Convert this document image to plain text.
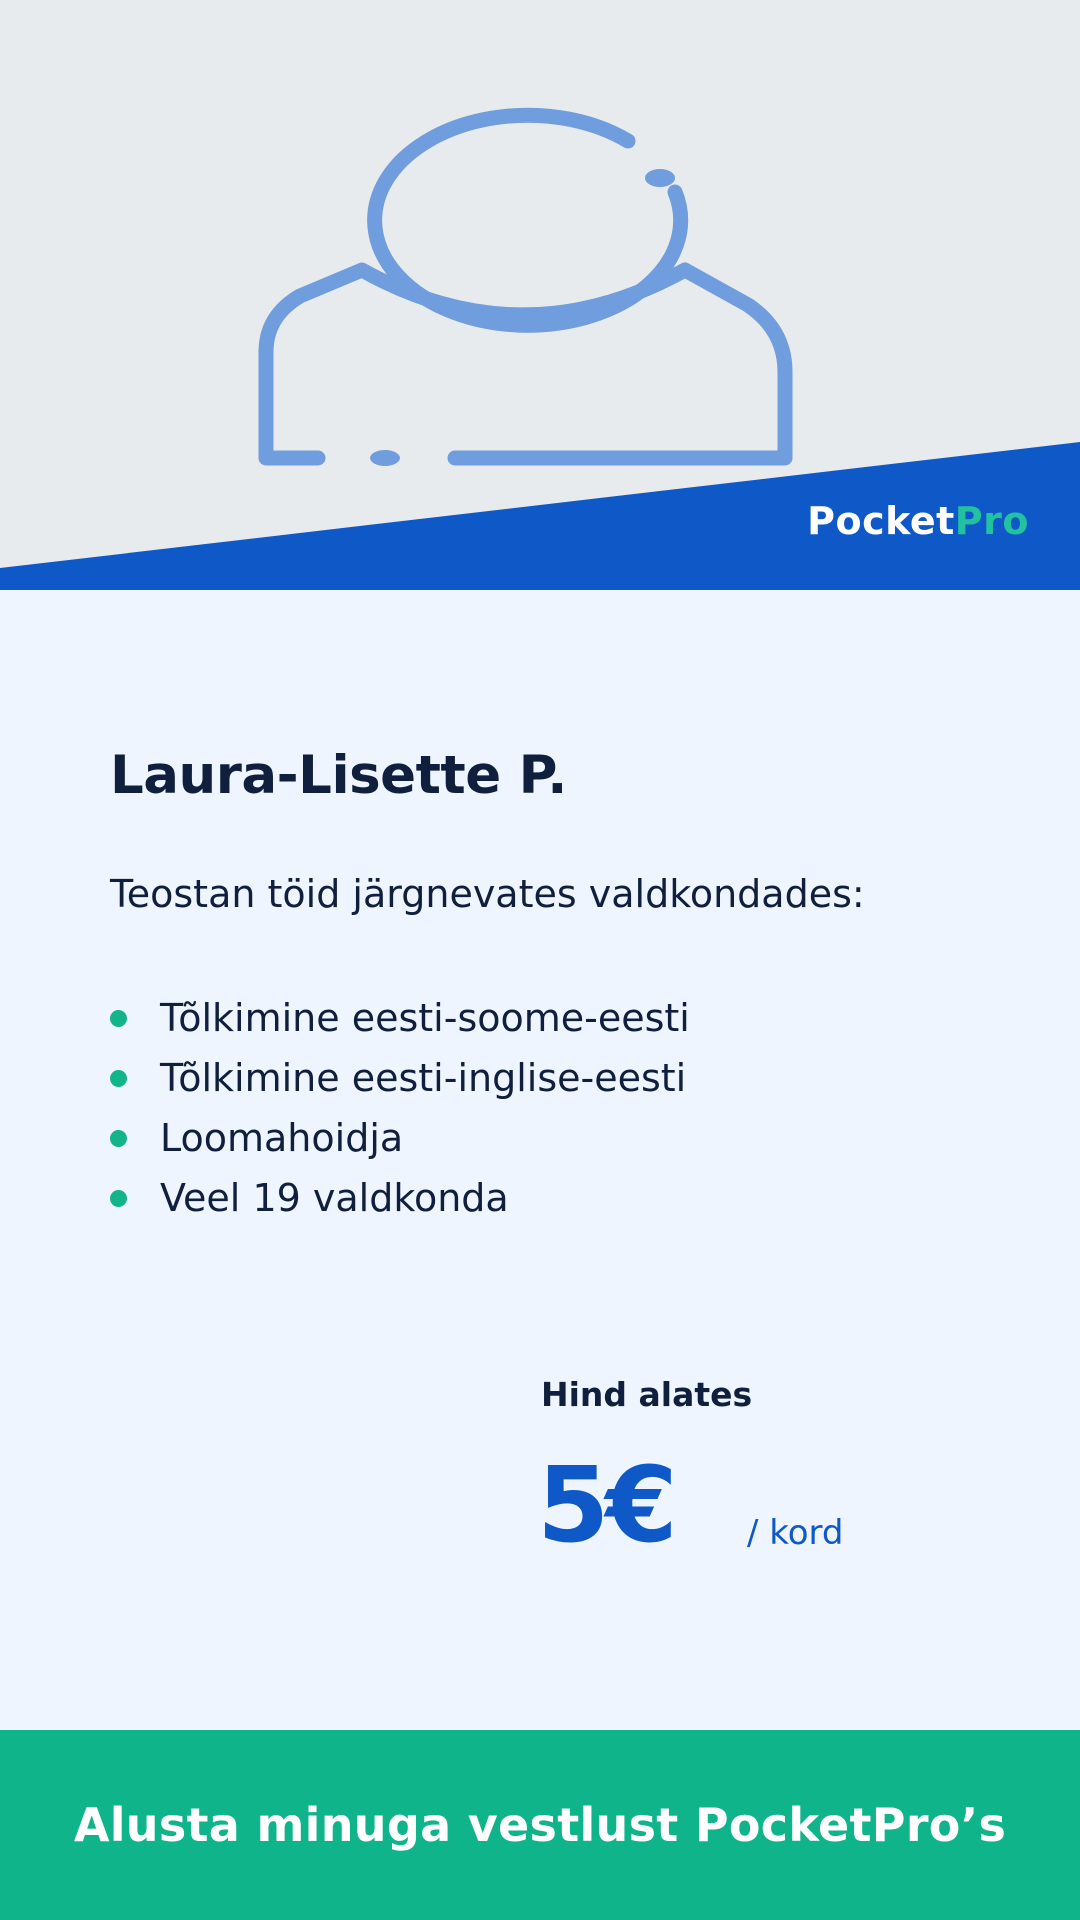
PocketPro
Laura-Lisette P.

Teostan töid järgnevates valdkondades:

Tõlkimine eesti-soome-eesti
Tõlkimine eesti-inglise-eesti
Loomahoidja
Veel 19 valdkonda
Hind alates
5€ / kord
Alusta minuga vestlust PocketPro’s
